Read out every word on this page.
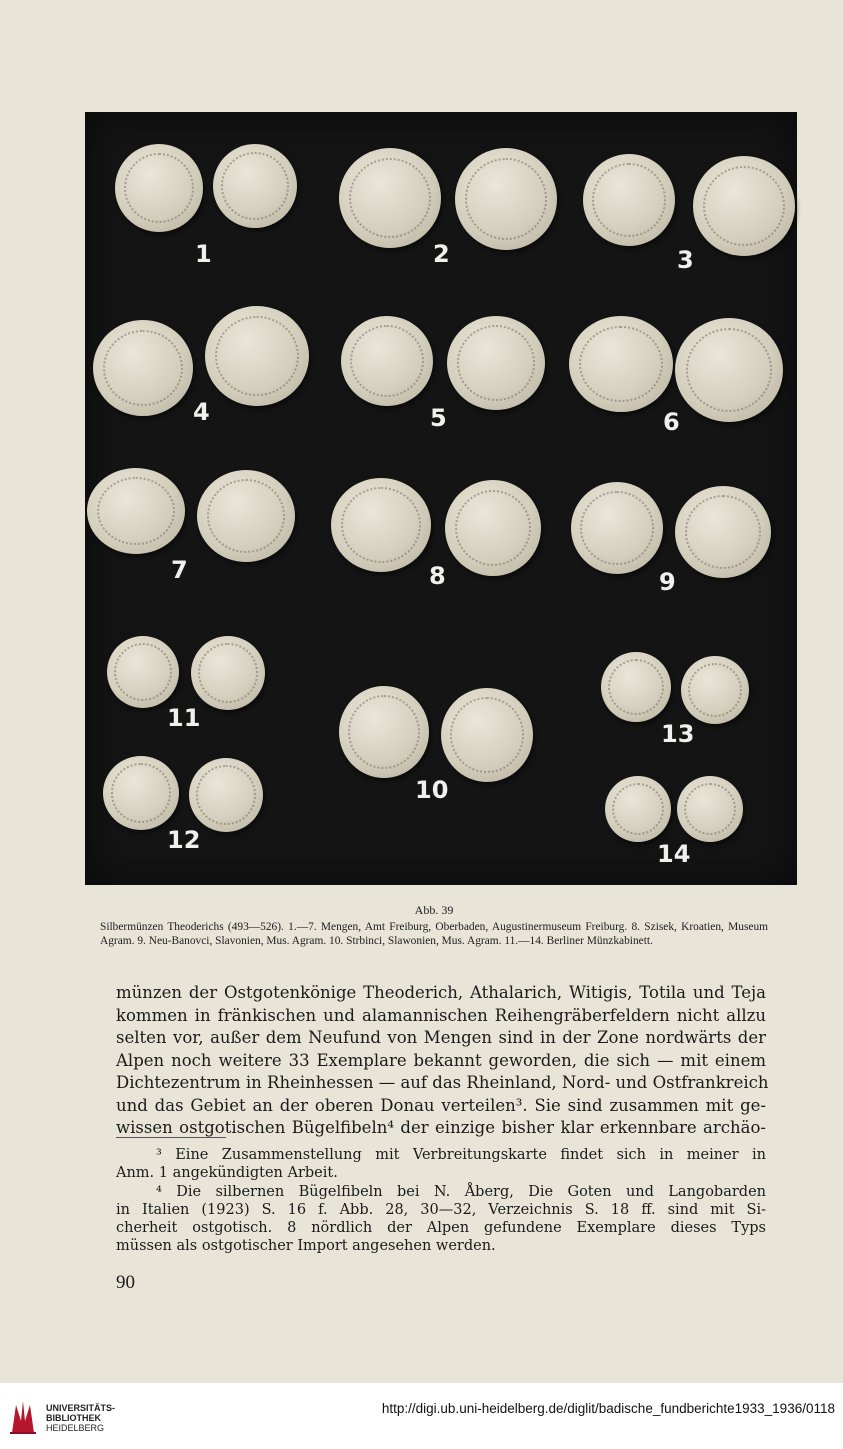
1	2	3
4	5	6
7	8	9
11
10
13
12	14
Abb. 39
Silbermünzen Theoderichs (493—526). 1.—7. Mengen, Amt Freiburg, Oberbaden, Augustinermuseum Freiburg. 8. Szisek, Kroatien, Museum Agram. 9. Neu-Banovci, Slavonien, Mus. Agram. 10. Strbinci, Slawonien, Mus. Agram. 11.—14. Berliner Münzkabinett.
münzen der Ostgotenkönige Theoderich, Athalarich, Witigis, Totila und Teja
kommen in fränkischen und alamannischen Reihengräberfeldern nicht allzu
selten vor, außer dem Neufund von Mengen sind in der Zone nordwärts der
Alpen noch weitere 33 Exemplare bekannt geworden, die sich — mit einem
Dichtezentrum in Rheinhessen — auf das Rheinland, Nord- und Ostfrankreich
und das Gebiet an der oberen Donau verteilen³. Sie sind zusammen mit ge-
wissen ostgotischen Bügelfibeln⁴ der einzige bisher klar erkennbare archäo-
³ Eine Zusammenstellung mit Verbreitungskarte findet sich in meiner in
Anm. 1 angekündigten Arbeit.
⁴ Die silbernen Bügelfibeln bei N. Åberg, Die Goten und Langobarden
in Italien (1923) S. 16 f. Abb. 28, 30—32, Verzeichnis S. 18 ff. sind mit Si-
cherheit ostgotisch. 8 nördlich der Alpen gefundene Exemplare dieses Typs
müssen als ostgotischer Import angesehen werden.
90
UNIVERSITÄTS-
BIBLIOTHEK
HEIDELBERG
http://digi.ub.uni-heidelberg.de/diglit/badische_fundberichte1933_1936/0118
